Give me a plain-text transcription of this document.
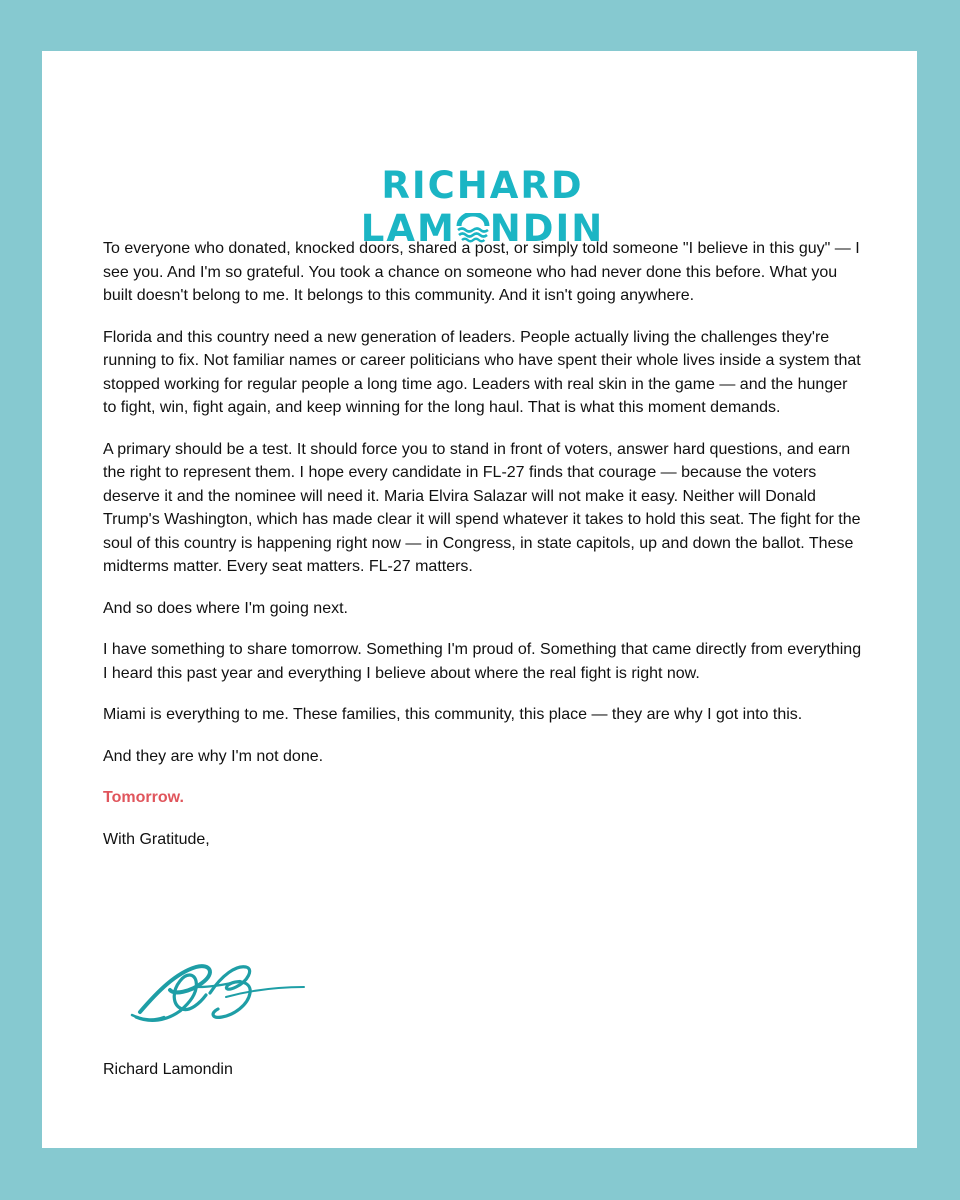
RICHARD
LAM NDIN

To everyone who donated, knocked doors, shared a post, or simply told someone "I believe in this guy" — I see you. And I'm so grateful. You took a chance on someone who had never done this before. What you built doesn't belong to me. It belongs to this community. And it isn't going anywhere.

Florida and this country need a new generation of leaders. People actually living the challenges they're running to fix. Not familiar names or career politicians who have spent their whole lives inside a system that stopped working for regular people a long time ago. Leaders with real skin in the game — and the hunger to fight, win, fight again, and keep winning for the long haul. That is what this moment demands.

A primary should be a test. It should force you to stand in front of voters, answer hard questions, and earn the right to represent them. I hope every candidate in FL-27 finds that courage — because the voters deserve it and the nominee will need it. Maria Elvira Salazar will not make it easy. Neither will Donald Trump's Washington, which has made clear it will spend whatever it takes to hold this seat. The fight for the soul of this country is happening right now — in Congress, in state capitols, up and down the ballot. These midterms matter. Every seat matters. FL-27 matters.

And so does where I'm going next.

I have something to share tomorrow. Something I'm proud of. Something that came directly from everything I heard this past year and everything I believe about where the real fight is right now.

Miami is everything to me. These families, this community, this place — they are why I got into this.

And they are why I'm not done.

Tomorrow.

With Gratitude,

Richard Lamondin
